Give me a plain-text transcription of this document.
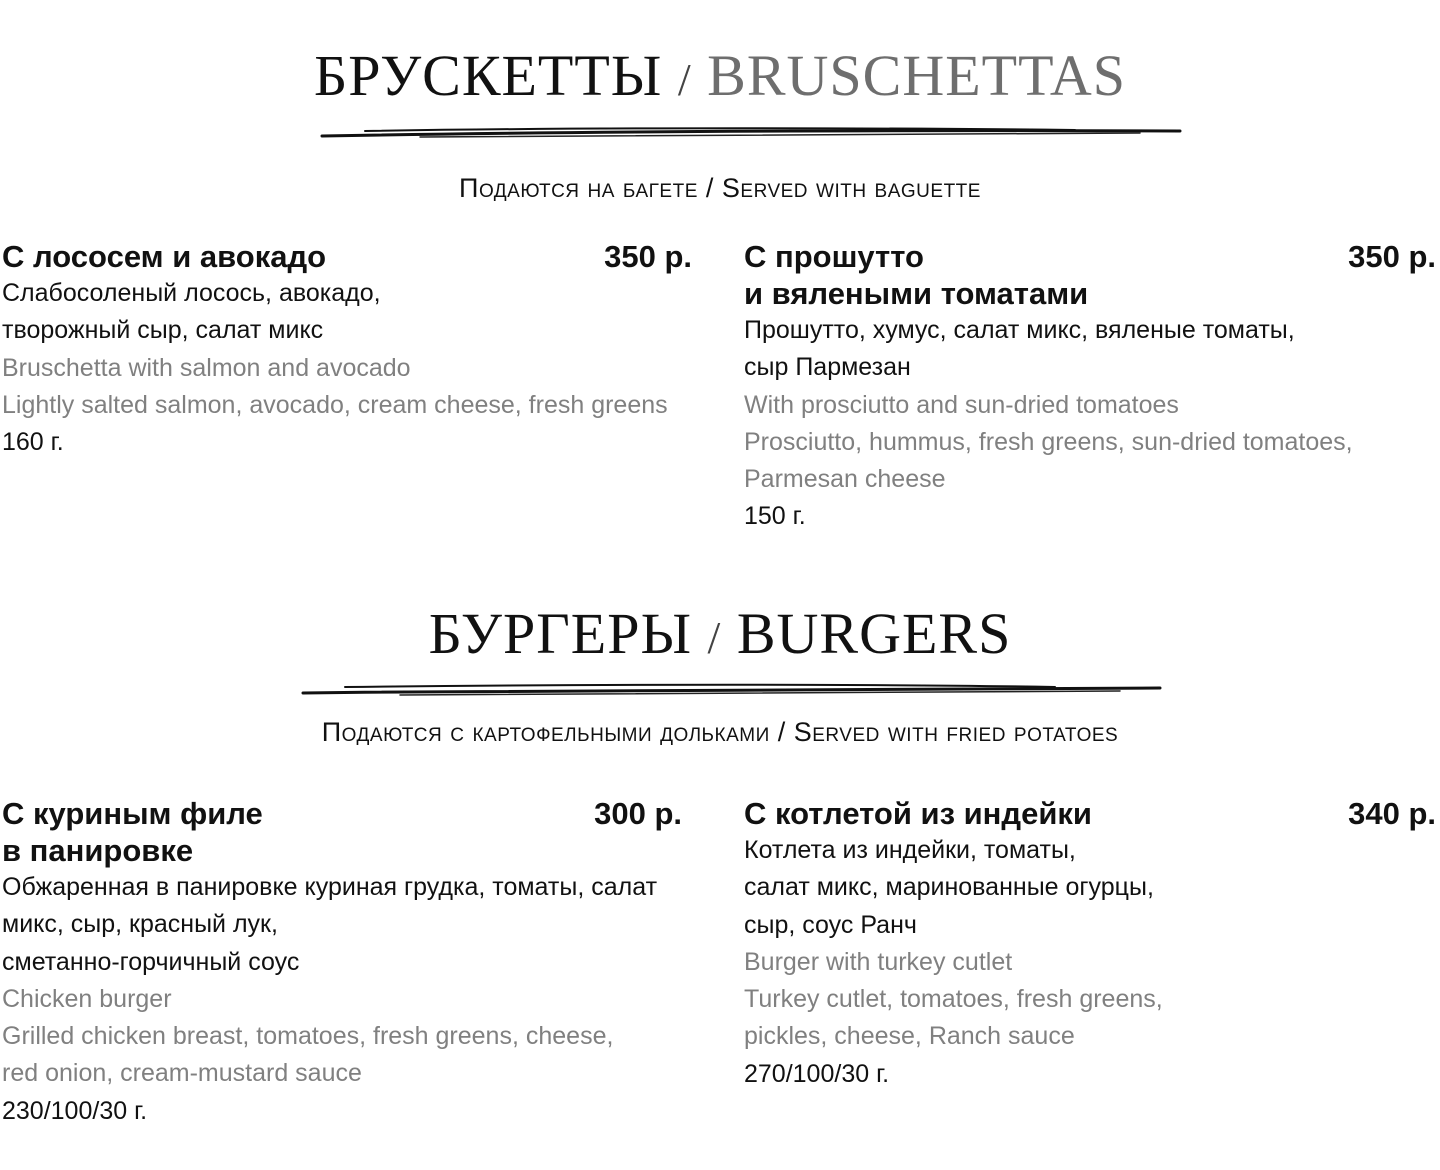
БРУСКЕТТЫ / BRUSCHETTAS
Подаются на багете / Served with baguette
С лососем и авокадо	350 р.
Слабосоленый лосось, авокадо,
творожный сыр, салат микс
Bruschetta with salmon and avocado
Lightly salted salmon, avocado, cream cheese, fresh greens
160 г.
С прошутто
и вялеными томатами
350 р.
Прошутто, хумус, салат микс, вяленые томаты,
сыр Пармезан
With prosciutto and sun-dried tomatoes
Prosciutto, hummus, fresh greens, sun-dried tomatoes,
Parmesan cheese
150 г.
БУРГЕРЫ / BURGERS
Подаются с картофельными дольками / Served with fried potatoes
С куриным филе
в панировке
300 р.
Обжаренная в панировке куриная грудка, томаты, салат
микс, сыр, красный лук,
сметанно-горчичный соус
Chicken burger
Grilled chicken breast, tomatoes, fresh greens, cheese,
red onion, cream-mustard sauce
230/100/30 г.
С котлетой из индейки	340 р.
Котлета из индейки, томаты,
салат микс, маринованные огурцы,
сыр, соус Ранч
Burger with turkey cutlet
Turkey cutlet, tomatoes, fresh greens,
pickles, cheese, Ranch sauce
270/100/30 г.
